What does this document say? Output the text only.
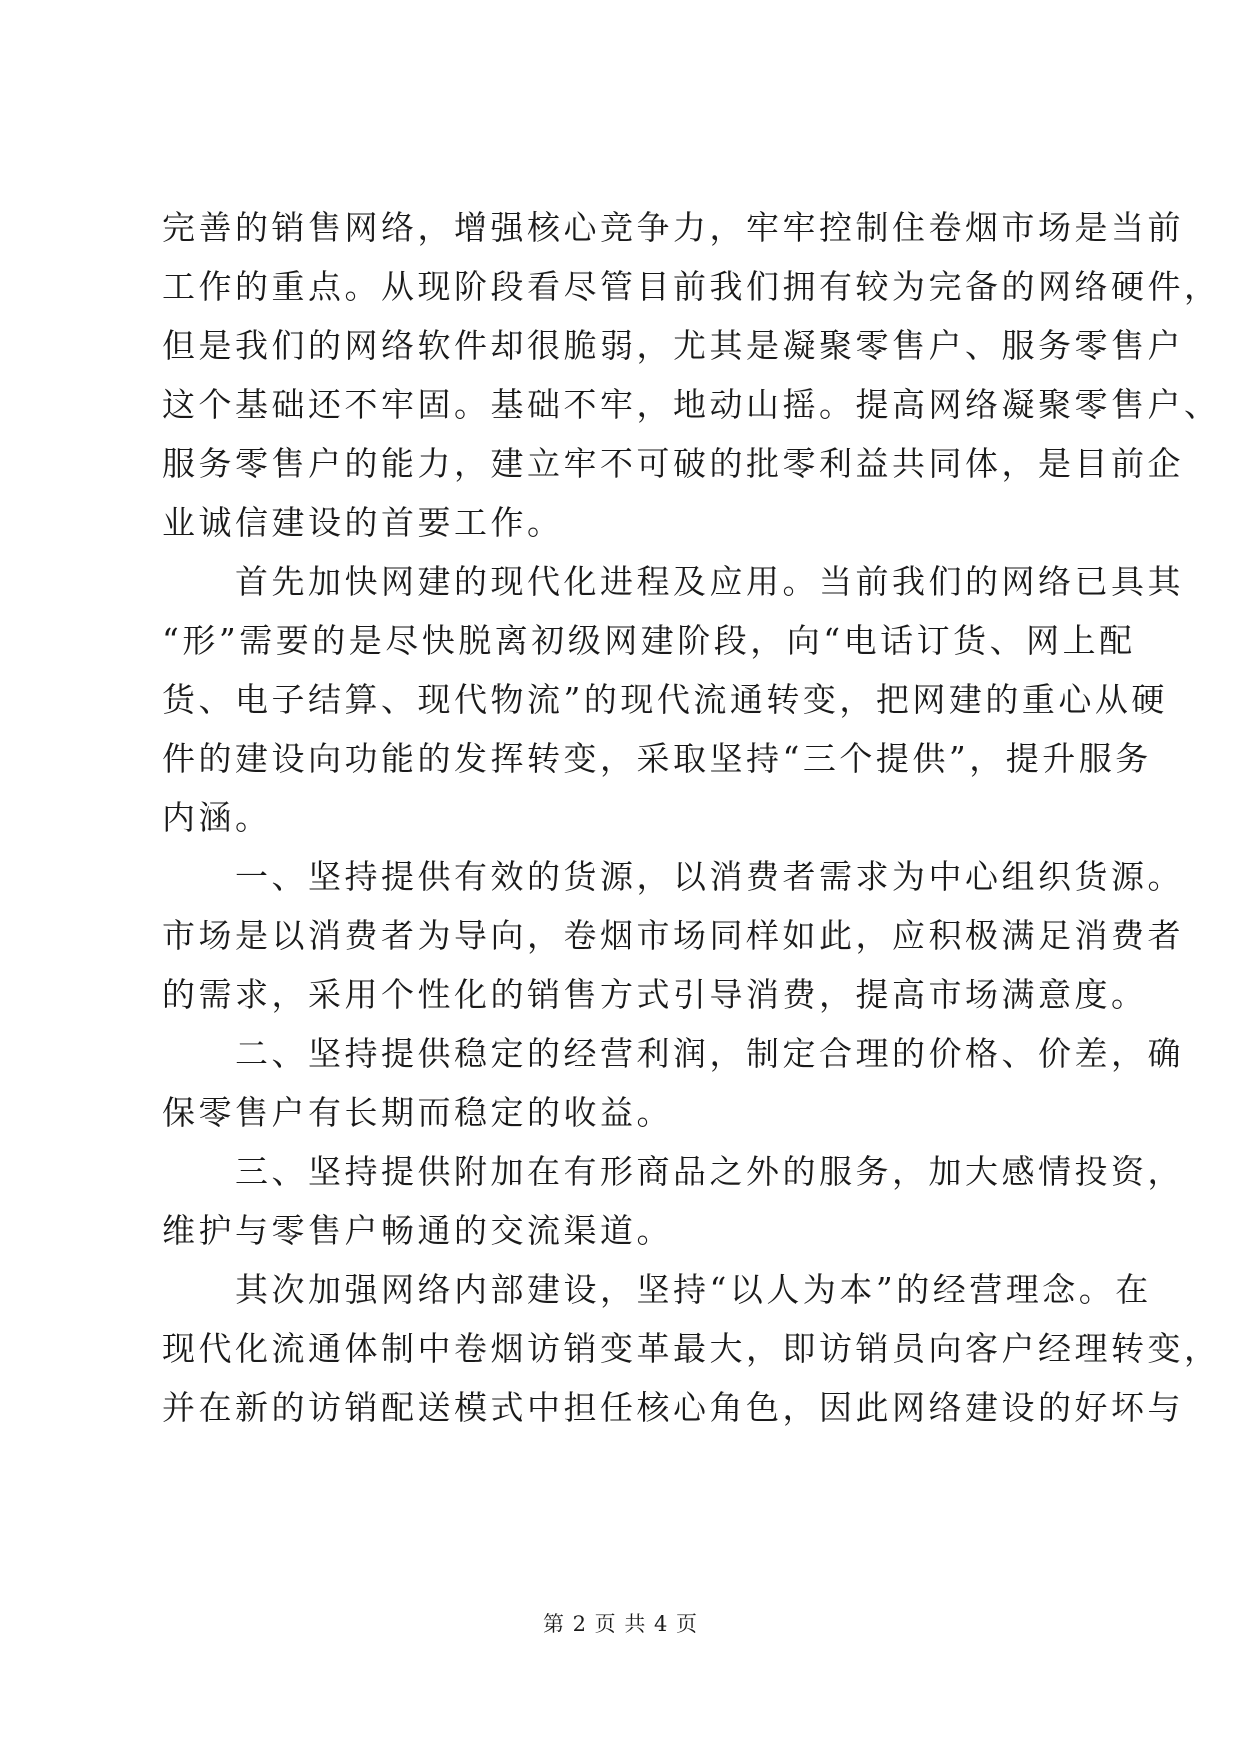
完善的销售网络，增强核心竞争力，牢牢控制住卷烟市场是当前
工作的重点。从现阶段看尽管目前我们拥有较为完备的网络硬件，
但是我们的网络软件却很脆弱，尤其是凝聚零售户、服务零售户
这个基础还不牢固。基础不牢，地动山摇。提高网络凝聚零售户、
服务零售户的能力，建立牢不可破的批零利益共同体，是目前企
业诚信建设的首要工作。
　　首先加快网建的现代化进程及应用。当前我们的网络已具其
“形”需要的是尽快脱离初级网建阶段，向“电话订货、网上配
货、电子结算、现代物流”的现代流通转变，把网建的重心从硬
件的建设向功能的发挥转变，采取坚持“三个提供”，提升服务
内涵。
　　一、坚持提供有效的货源，以消费者需求为中心组织货源。
市场是以消费者为导向，卷烟市场同样如此，应积极满足消费者
的需求，采用个性化的销售方式引导消费，提高市场满意度。
　　二、坚持提供稳定的经营利润，制定合理的价格、价差，确
保零售户有长期而稳定的收益。
　　三、坚持提供附加在有形商品之外的服务，加大感情投资，
维护与零售户畅通的交流渠道。
　　其次加强网络内部建设，坚持“以人为本”的经营理念。在
现代化流通体制中卷烟访销变革最大，即访销员向客户经理转变，
并在新的访销配送模式中担任核心角色，因此网络建设的好坏与
第 2 页 共 4 页
